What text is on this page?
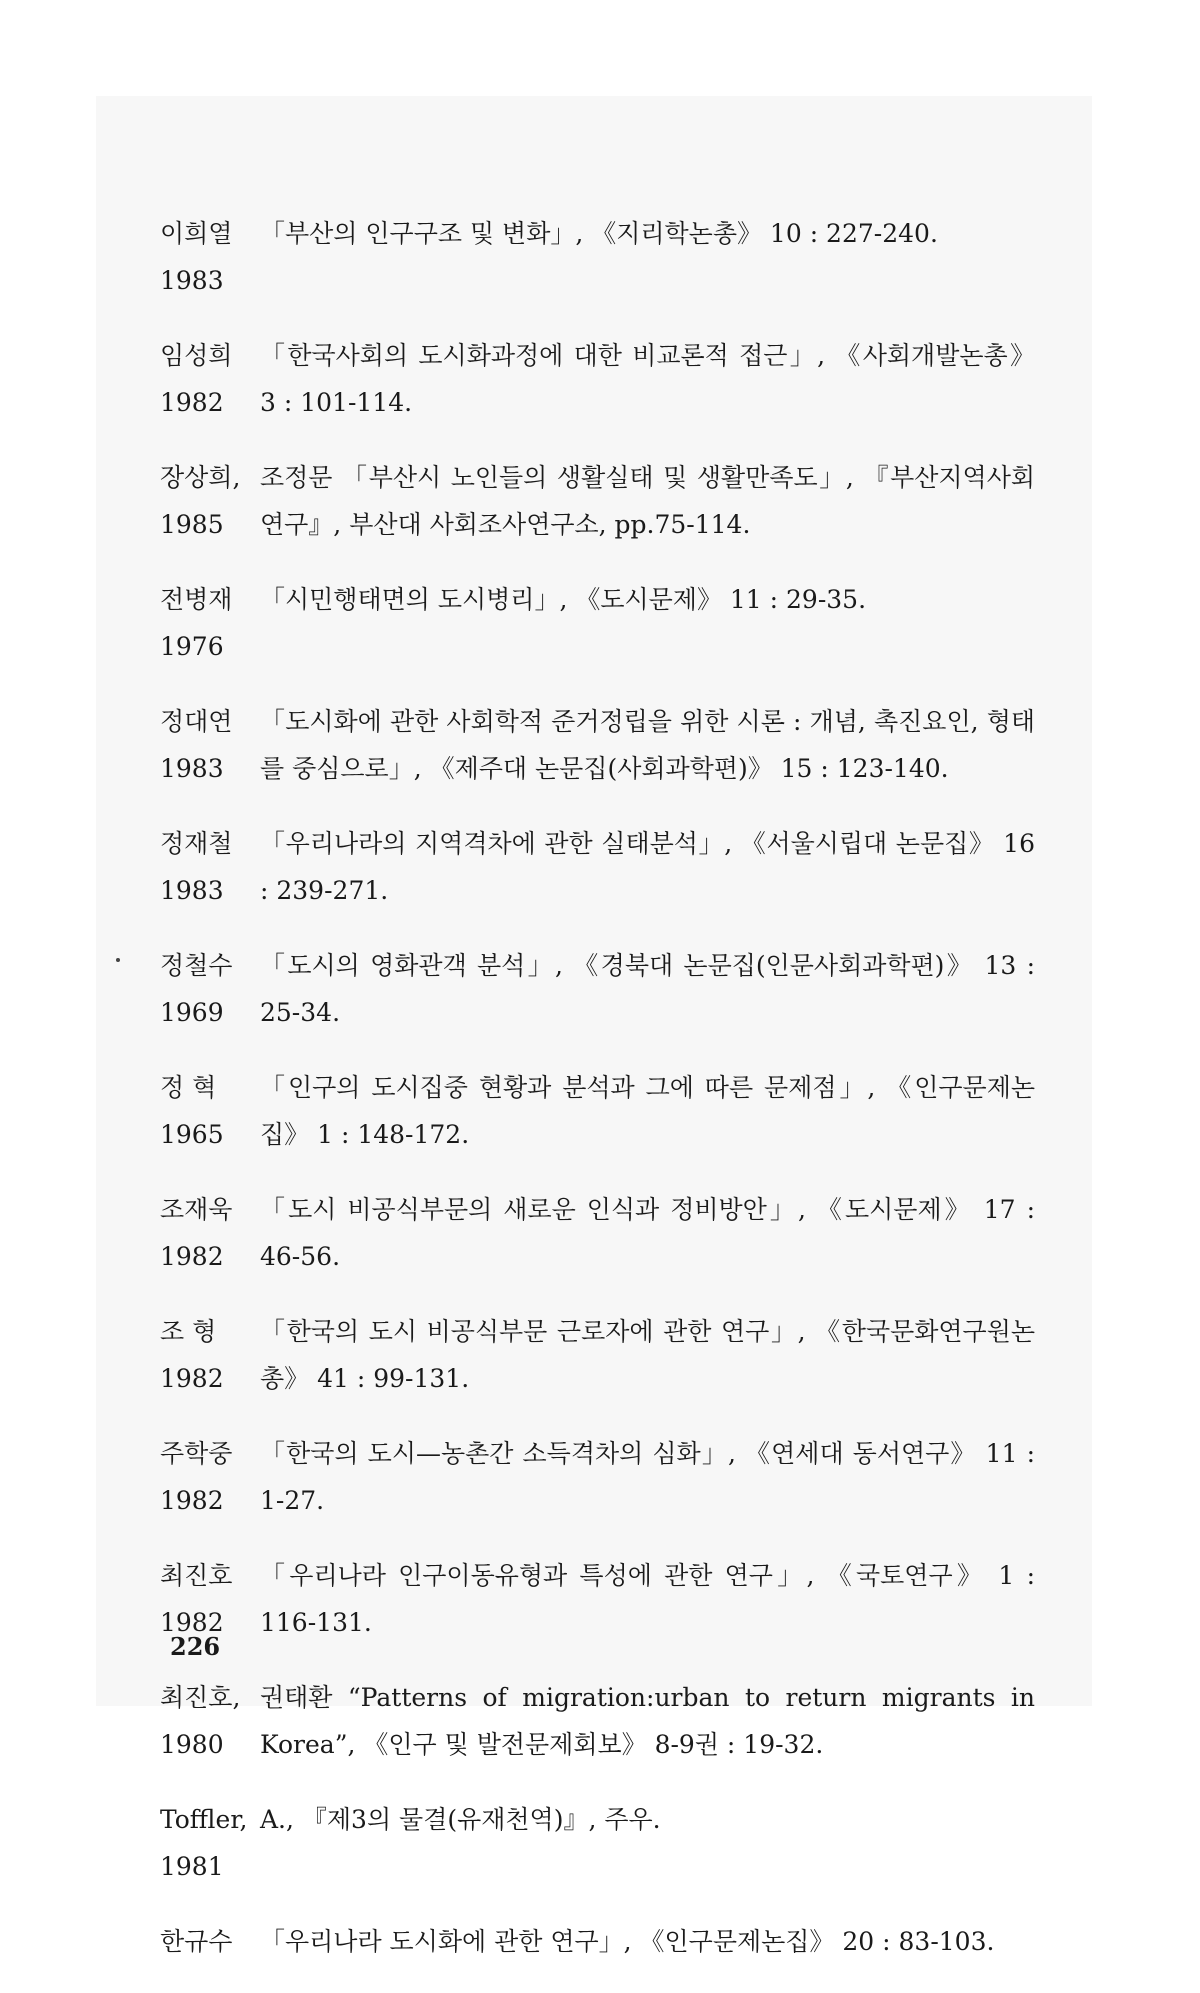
이희열
1983
「부산의 인구구조 및 변화」, 《지리학논총》 10 : 227-240.
임성희
1982
「한국사회의 도시화과정에 대한 비교론적 접근」, 《사회개발논총》 3 : 101-114.
장상희,
1985
조정문 「부산시 노인들의 생활실태 및 생활만족도」, 『부산지역사회연구』, 부산대 사회조사연구소, pp.75-114.
전병재
1976
「시민행태면의 도시병리」, 《도시문제》 11 : 29-35.
정대연
1983
「도시화에 관한 사회학적 준거정립을 위한 시론 : 개념, 촉진요인, 형태를 중심으로」, 《제주대 논문집(사회과학편)》 15 : 123-140.
정재철
1983
「우리나라의 지역격차에 관한 실태분석」, 《서울시립대 논문집》 16 : 239-271.
정철수
1969
「도시의 영화관객 분석」, 《경북대 논문집(인문사회과학편)》 13 : 25-34.
정 혁
1965
「인구의 도시집중 현황과 분석과 그에 따른 문제점」, 《인구문제논집》 1 : 148-172.
조재욱
1982
「도시 비공식부문의 새로운 인식과 정비방안」, 《도시문제》 17 : 46-56.
조 형
1982
「한국의 도시 비공식부문 근로자에 관한 연구」, 《한국문화연구원논총》 41 : 99-131.
주학중
1982
「한국의 도시—농촌간 소득격차의 심화」, 《연세대 동서연구》 11 : 1-27.
최진호
1982
「우리나라 인구이동유형과 특성에 관한 연구」, 《국토연구》 1 : 116-131.
최진호,
1980
권태환 “Patterns of migration:urban to return migrants in Korea”, 《인구 및 발전문제회보》 8-9권 : 19-32.
Toffler,
1981
A., 『제3의 물결(유재천역)』, 주우.
한규수	「우리나라 도시화에 관한 연구」, 《인구문제논집》 20 : 83-103.
226
